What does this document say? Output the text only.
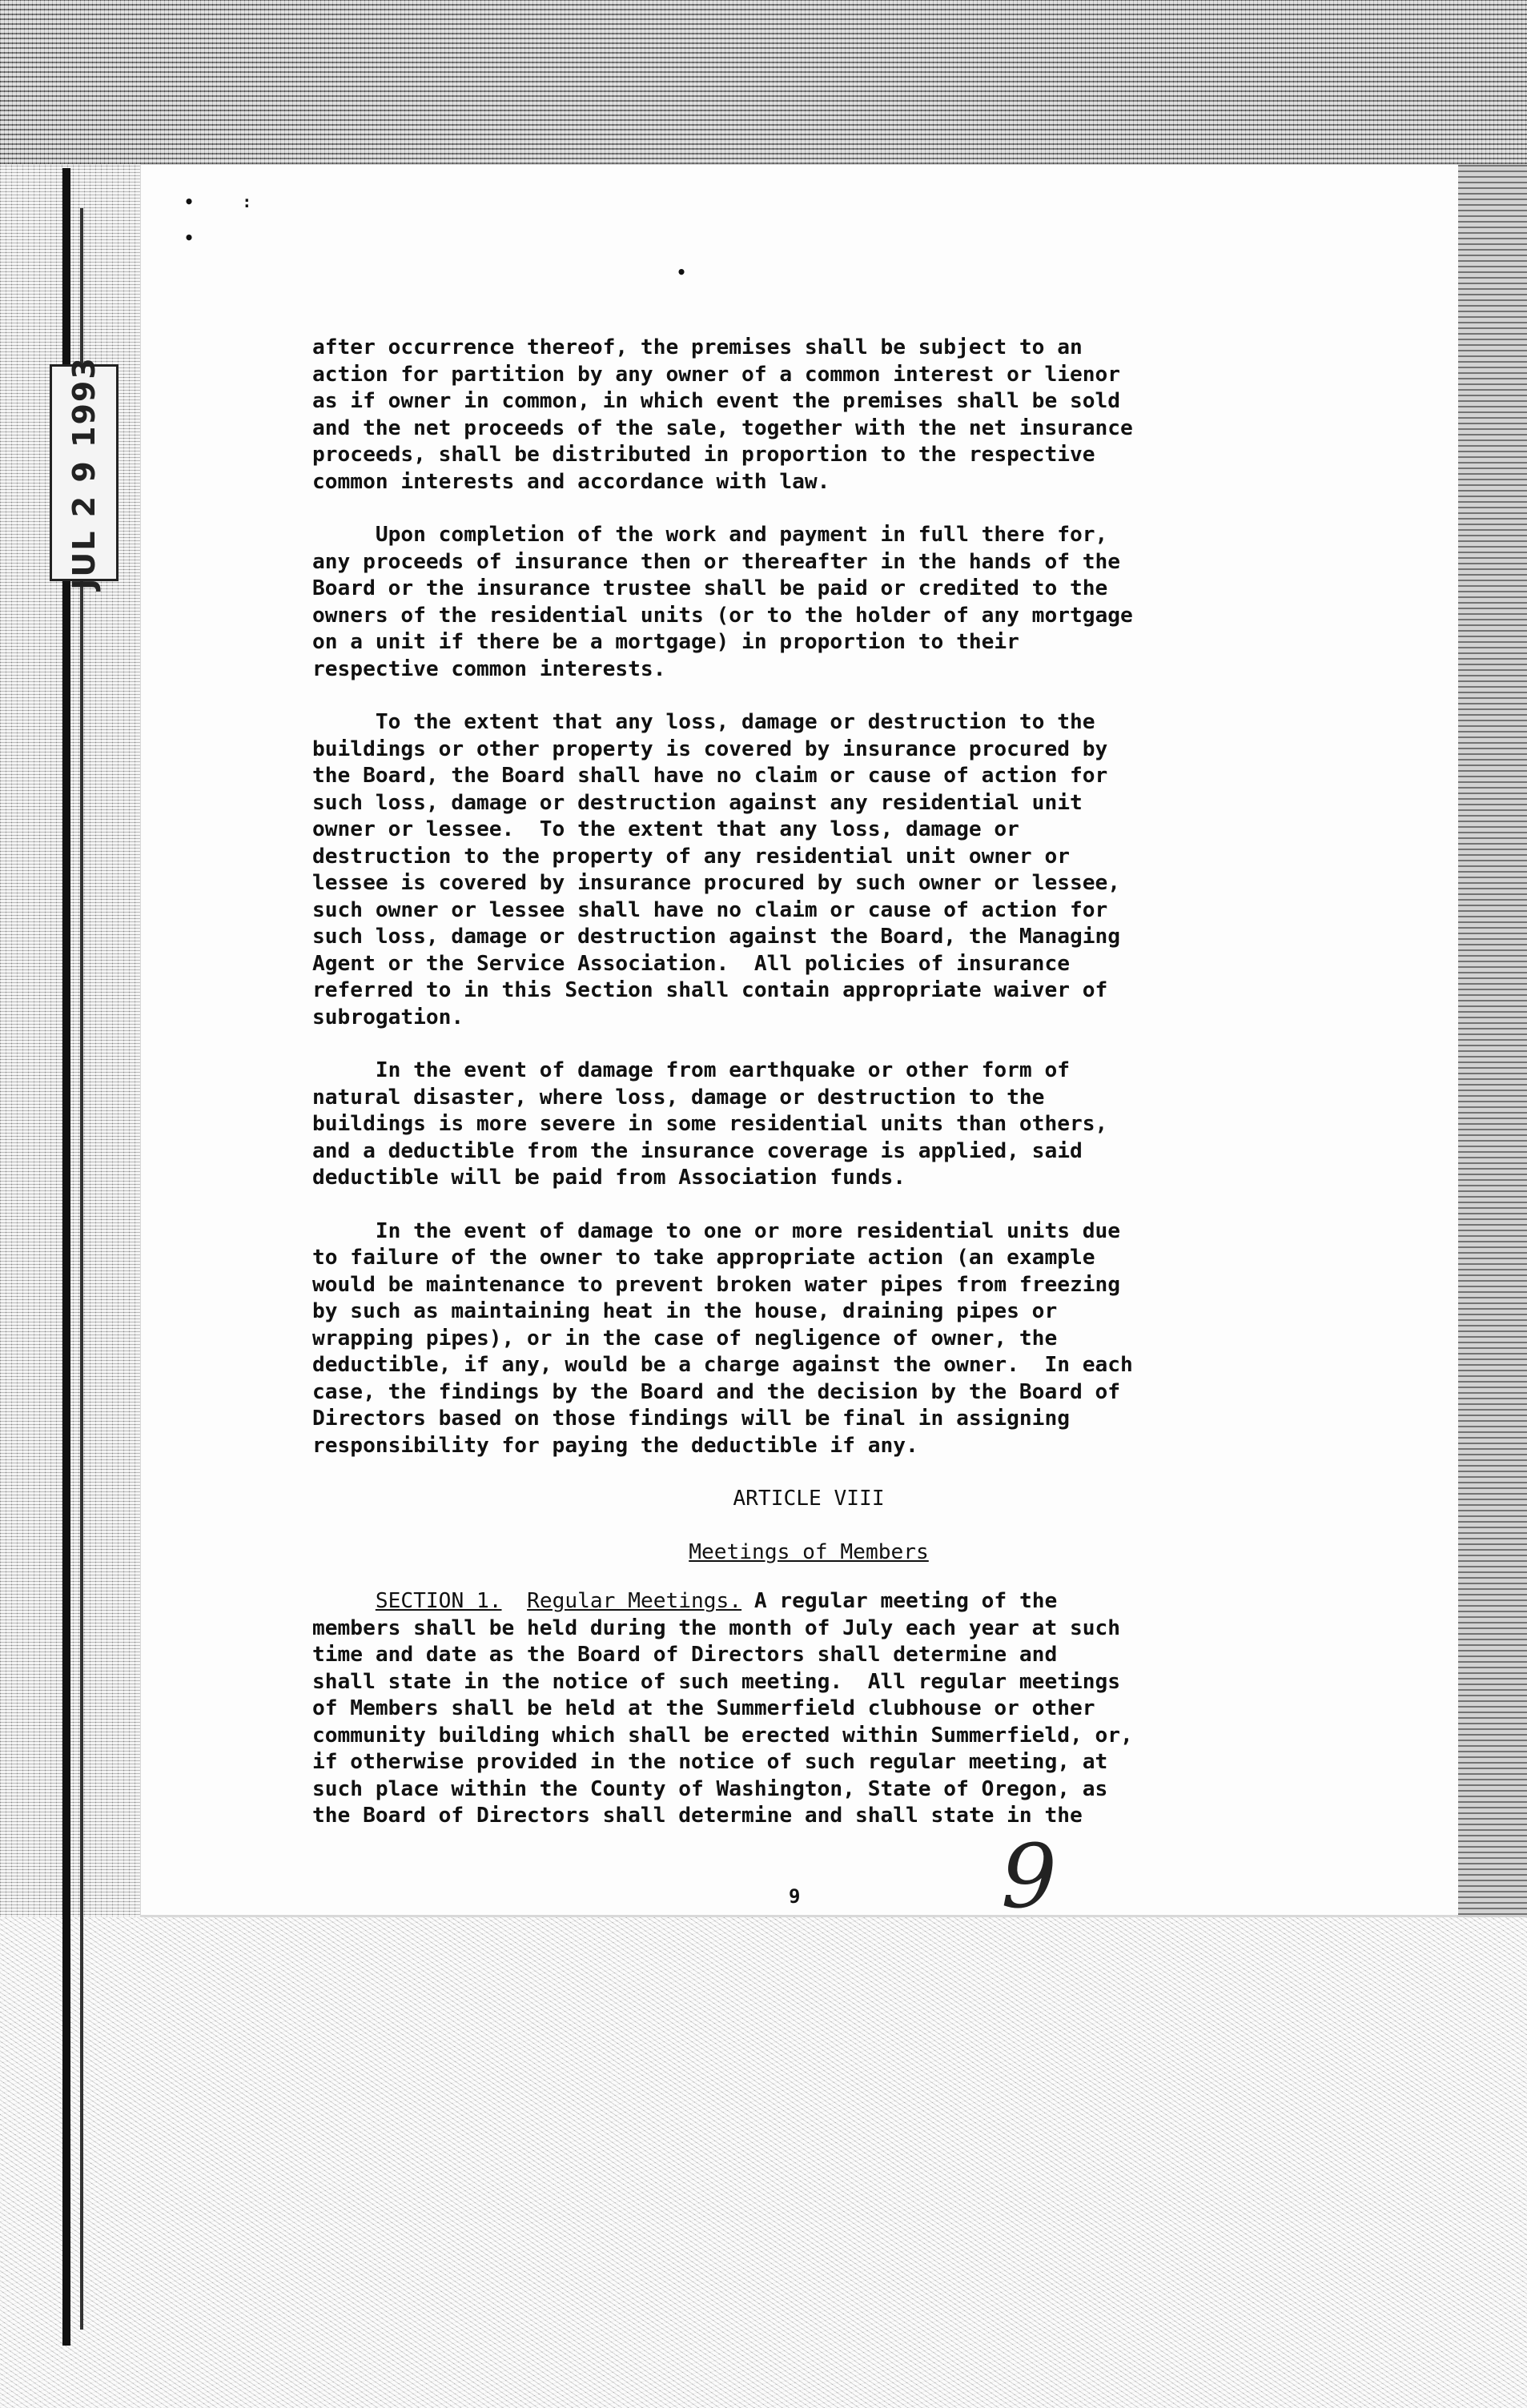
•     :
•
•
JUL 2 9 1993

after occurrence thereof, the premises shall be subject to an
action for partition by any owner of a common interest or lienor
as if owner in common, in which event the premises shall be sold
and the net proceeds of the sale, together with the net insurance
proceeds, shall be distributed in proportion to the respective
common interests and accordance with law.

Upon completion of the work and payment in full there for,
any proceeds of insurance then or thereafter in the hands of the
Board or the insurance trustee shall be paid or credited to the
owners of the residential units (or to the holder of any mortgage
on a unit if there be a mortgage) in proportion to their
respective common interests.

To the extent that any loss, damage or destruction to the
buildings or other property is covered by insurance procured by
the Board, the Board shall have no claim or cause of action for
such loss, damage or destruction against any residential unit
owner or lessee.  To the extent that any loss, damage or
destruction to the property of any residential unit owner or
lessee is covered by insurance procured by such owner or lessee,
such owner or lessee shall have no claim or cause of action for
such loss, damage or destruction against the Board, the Managing
Agent or the Service Association.  All policies of insurance
referred to in this Section shall contain appropriate waiver of
subrogation.

In the event of damage from earthquake or other form of
natural disaster, where loss, damage or destruction to the
buildings is more severe in some residential units than others,
and a deductible from the insurance coverage is applied, said
deductible will be paid from Association funds.

In the event of damage to one or more residential units due
to failure of the owner to take appropriate action (an example
would be maintenance to prevent broken water pipes from freezing
by such as maintaining heat in the house, draining pipes or
wrapping pipes), or in the case of negligence of owner, the
deductible, if any, would be a charge against the owner.  In each
case, the findings by the Board and the decision by the Board of
Directors based on those findings will be final in assigning
responsibility for paying the deductible if any.

ARTICLE VIII

Meetings of Members

SECTION 1. Regular Meetings. A regular meeting of the
members shall be held during the month of July each year at such
time and date as the Board of Directors shall determine and
shall state in the notice of such meeting.  All regular meetings
of Members shall be held at the Summerfield clubhouse or other
community building which shall be erected within Summerfield, or,
if otherwise provided in the notice of such regular meeting, at
such place within the County of Washington, State of Oregon, as
the Board of Directors shall determine and shall state in the

9 9
